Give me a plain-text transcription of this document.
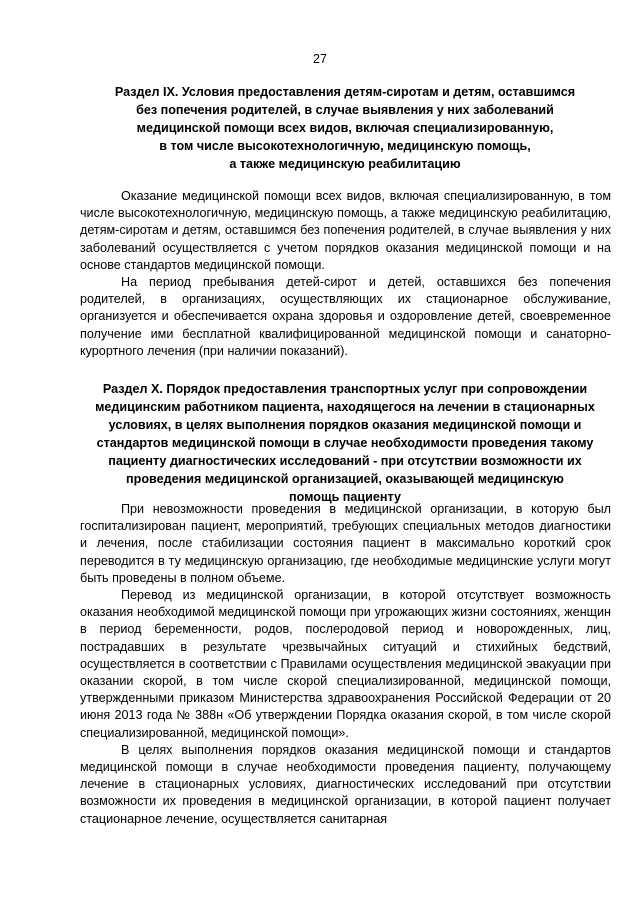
27
Раздел IX. Условия предоставления детям-сиротам и детям, оставшимся
без попечения родителей, в случае выявления у них заболеваний
медицинской помощи всех видов, включая специализированную,
в том числе высокотехнологичную, медицинскую помощь,
а также медицинскую реабилитацию

Оказание медицинской помощи всех видов, включая специализированную, в том числе высокотехнологичную, медицинскую помощь, а также медицинскую реабилитацию, детям-сиротам и детям, оставшимся без попечения родителей, в случае выявления у них заболеваний осуществляется с учетом порядков оказания медицинской помощи и на основе стандартов медицинской помощи.

На период пребывания детей-сирот и детей, оставшихся без попечения родителей, в организациях, осуществляющих их стационарное обслуживание, организуется и обеспечивается охрана здоровья и оздоровление детей, своевременное получение ими бесплатной квалифицированной медицинской помощи и санаторно-курортного лечения (при наличии показаний).

Раздел X. Порядок предоставления транспортных услуг при сопровождении
медицинским работником пациента, находящегося на лечении в стационарных
условиях, в целях выполнения порядков оказания медицинской помощи и
стандартов медицинской помощи в случае необходимости проведения такому
пациенту диагностических исследований - при отсутствии возможности их
проведения медицинской организацией, оказывающей медицинскую
помощь пациенту

При невозможности проведения в медицинской организации, в которую был госпитализирован пациент, мероприятий, требующих специальных методов диагностики и лечения, после стабилизации состояния пациент в максимально короткий срок переводится в ту медицинскую организацию, где необходимые медицинские услуги могут быть проведены в полном объеме.

Перевод из медицинской организации, в которой отсутствует возможность оказания необходимой медицинской помощи при угрожающих жизни состояниях, женщин в период беременности, родов, послеродовой период и новорожденных, лиц, пострадавших в результате чрезвычайных ситуаций и стихийных бедствий, осуществляется в соответствии с Правилами осуществления медицинской эвакуации при оказании скорой, в том числе скорой специализированной, медицинской помощи, утвержденными приказом Министерства здравоохранения Российской Федерации от 20 июня 2013 года № 388н «Об утверждении Порядка оказания скорой, в том числе скорой специализированной, медицинской помощи».

В целях выполнения порядков оказания медицинской помощи и стандартов медицинской помощи в случае необходимости проведения пациенту, получающему лечение в стационарных условиях, диагностических исследований при отсутствии возможности их проведения в медицинской организации, в которой пациент получает стационарное лечение, осуществляется санитарная
